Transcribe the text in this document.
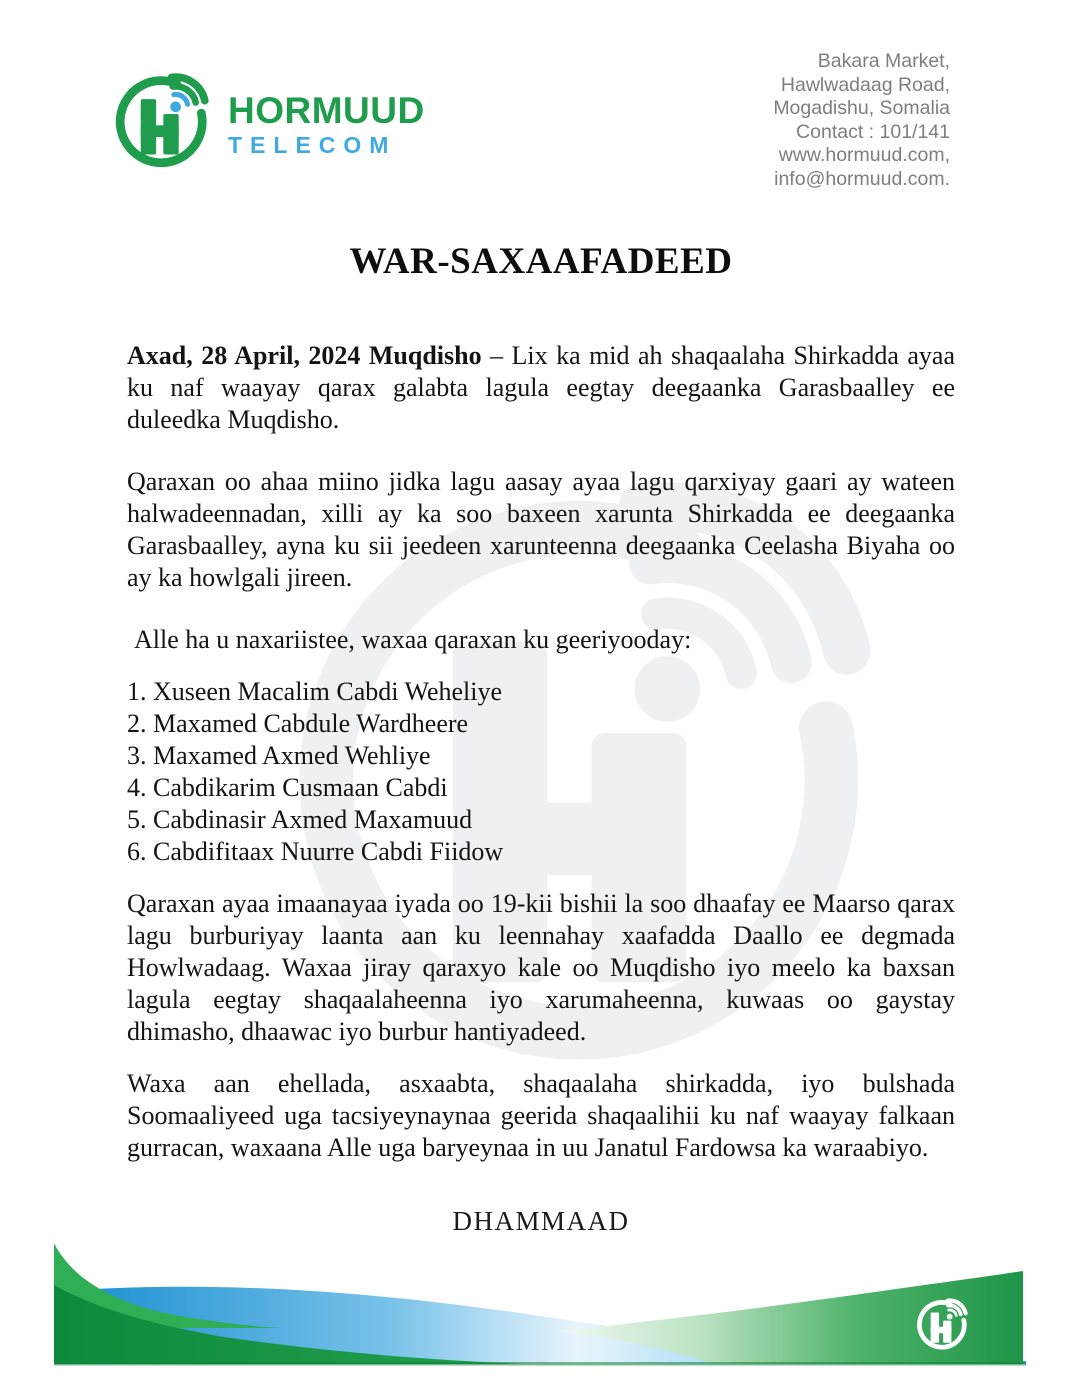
HORMUUD
TELECOM
Bakara Market,
Hawlwadaag Road,
Mogadishu, Somalia
Contact : 101/141
www.hormuud.com,
info@hormuud.com.
WAR-SAXAAFADEED

Axad, 28 April, 2024 Muqdisho – Lix ka mid ah shaqaalaha Shirkadda ayaa ku naf waayay qarax galabta lagula eegtay deegaanka Garasbaalley ee duleedka Muqdisho.

Qaraxan oo ahaa miino jidka lagu aasay ayaa lagu qarxiyay gaari ay wateen halwadeennadan, xilli ay ka soo baxeen xarunta Shirkadda ee deegaanka Garasbaalley, ayna ku sii jeedeen xarunteenna deegaanka Ceelasha Biyaha oo ay ka howlgali jireen.

Alle ha u naxariistee, waxaa qaraxan ku geeriyooday:

1. Xuseen Macalim Cabdi Weheliye
2. Maxamed Cabdule Wardheere
3. Maxamed Axmed Wehliye
4. Cabdikarim Cusmaan Cabdi
5. Cabdinasir Axmed Maxamuud
6. Cabdifitaax Nuurre Cabdi Fiidow

Qaraxan ayaa imaanayaa iyada oo 19-kii bishii la soo dhaafay ee Maarso qarax lagu burburiyay laanta aan ku leennahay xaafadda Daallo ee degmada Howlwadaag. Waxaa jiray qaraxyo kale oo Muqdisho iyo meelo ka baxsan lagula eegtay shaqaalaheenna iyo xarumaheenna, kuwaas oo gaystay dhimasho, dhaawac iyo burbur hantiyadeed.

Waxa aan ehellada, asxaabta, shaqaalaha shirkadda, iyo bulshada Soomaaliyeed uga tacsiyeynaynaa geerida shaqaalihii ku naf waayay falkaan gurracan, waxaana Alle uga baryeynaa in uu Janatul Fardowsa ka waraabiyo.

DHAMMAAD
